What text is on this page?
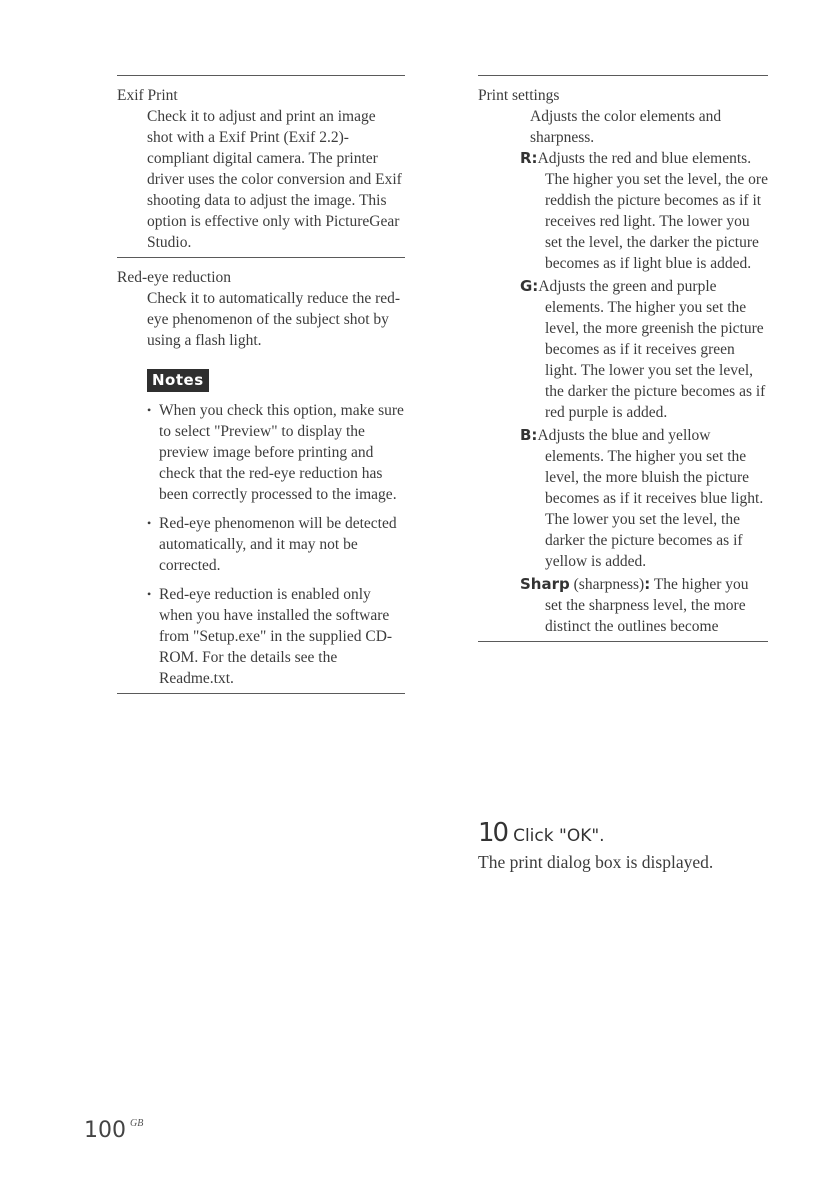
Exif Print

Check it to adjust and print an image shot with a Exif Print (Exif 2.2)-compliant digital camera. The printer driver uses the color conversion and Exif shooting data to adjust the image. This option is effective only with PictureGear Studio.

Red-eye reduction

Check it to automatically reduce the red-eye phenomenon of the subject shot by using a flash light.

Notes
• When you check this option, make sure to select "Preview" to display the preview image before printing and check that the red-eye reduction has been correctly processed to the image.
• Red-eye phenomenon will be detected automatically, and it may not be corrected.
• Red-eye reduction is enabled only when you have installed the software from "Setup.exe" in the supplied CD-ROM. For the details see the Readme.txt.

Print settings

Adjusts the color elements and sharpness.

R:Adjusts the red and blue elements. The higher you set the level, the ore reddish the picture becomes as if it receives red light. The lower you set the level, the darker the picture becomes as if light blue is added.

G:Adjusts the green and purple elements. The higher you set the level, the more greenish the picture becomes as if it receives green light. The lower you set the level, the darker the picture becomes as if red purple is added.

B:Adjusts the blue and yellow elements. The higher you set the level, the more bluish the picture becomes as if it receives blue light. The lower you set the level, the darker the picture becomes as if yellow is added.

Sharp (sharpness): The higher you set the sharpness level, the more distinct the outlines become

10 Click "OK".
The print dialog box is displayed.
100 $^{GB}$
